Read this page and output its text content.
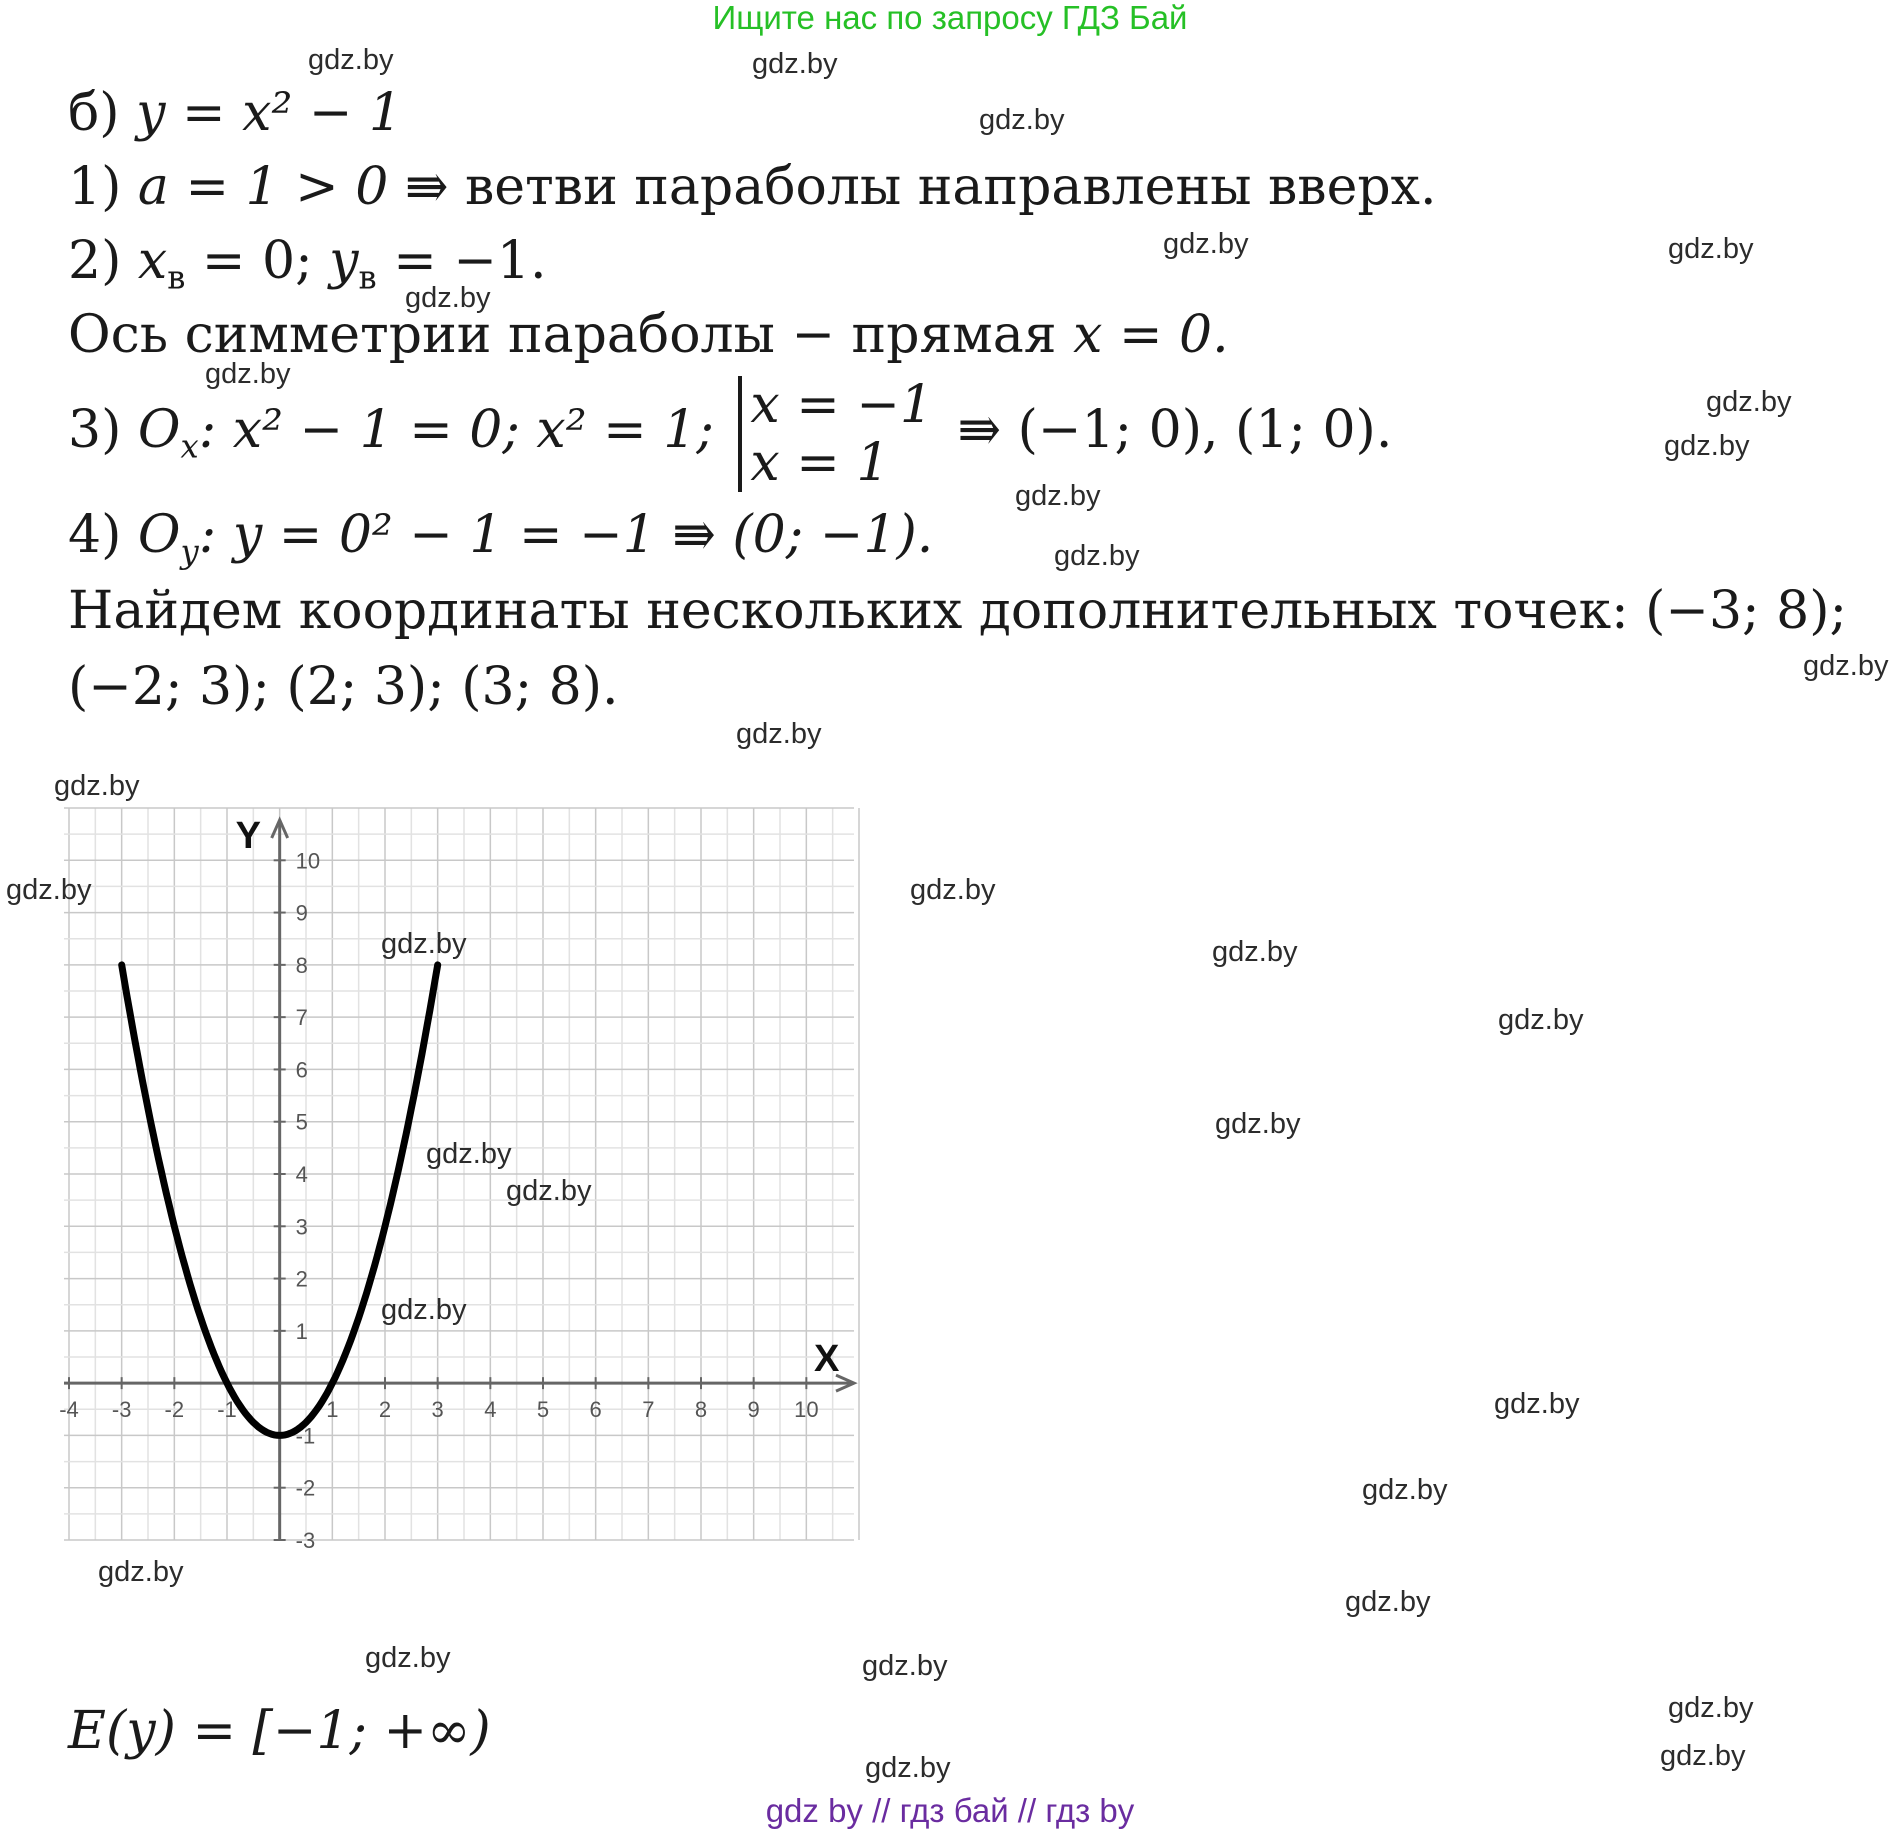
Ищите нас по запросу ГДЗ Бай
б) y = x² − 1
1) a = 1 > 0 ⇛ ветви параболы направлены вверх.
2) $x_в = 0$; $y_в = -1$.
Ось симметрии параболы − прямая x = 0.
3) $O_x$: x² − 1 = 0; x² = 1; x = −1
x = 1
⇛ (−1; 0), (1; 0).
4) $O_y$: y = 0² − 1 = −1 ⇛ (0; −1).
Найдем координаты нескольких дополнительных точек: (−3; 8);
(−2; 3); (2; 3); (3; 8).
-4 -3 -2 -1	1 2 3 4 5 6 7 8 9 10
-3
-2
-1
1
2
3
4
5
6
7
8
9
10
X
Y
E(y) = [−1; +∞)
gdz.by	gdz.by
gdz.by
gdz.by	gdz.by
gdz.by
gdz.by
gdz.by
gdz.by
gdz.by
gdz.by
gdz.by
gdz.by
gdz.by
gdz.by	gdz.by
gdz.by	gdz.by
gdz.by
gdz.by
gdz.by
gdz.by
gdz.by
gdz.by
gdz.by
gdz.by
gdz.by
gdz.by	gdz.by
gdz.by
gdz.by
gdz.by
gdz by // гдз бай // гдз by
